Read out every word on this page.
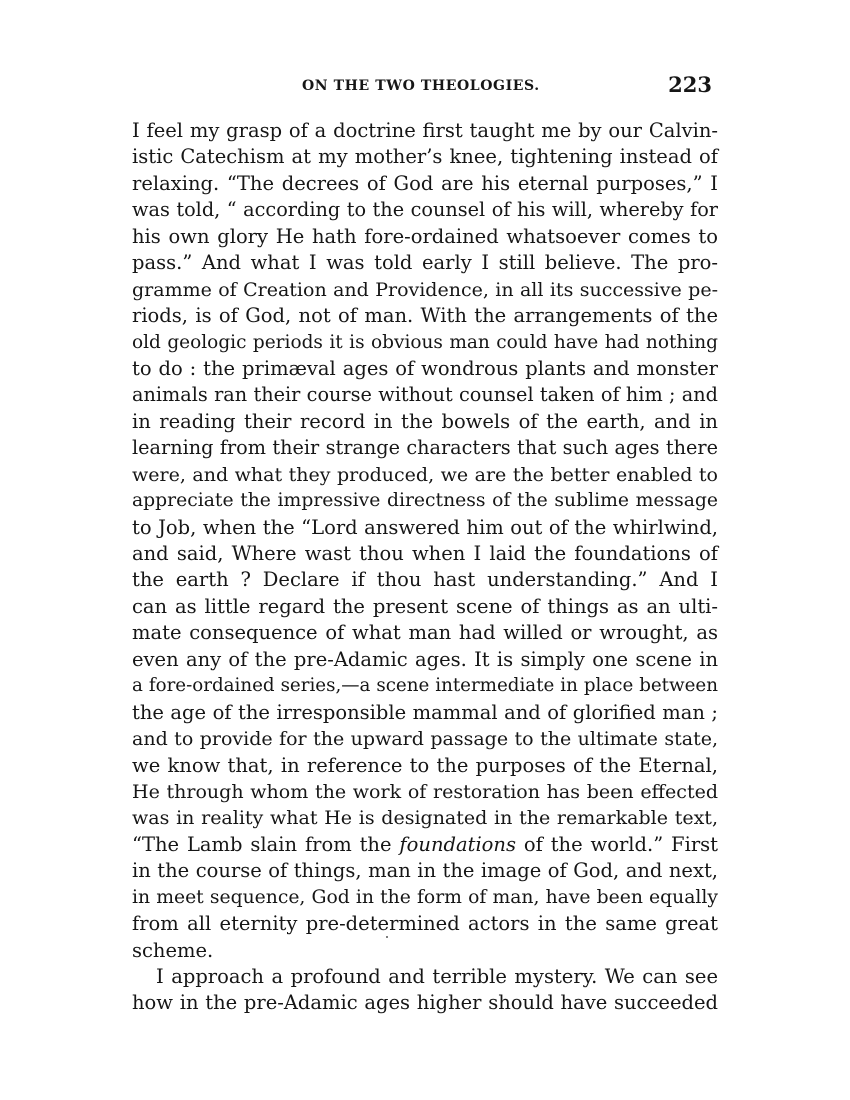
ON THE TWO THEOLOGIES.	223
I feel my grasp of a doctrine first taught me by our Calvin-
istic Catechism at my mother’s knee, tightening instead of
relaxing. “The decrees of God are his eternal purposes,” I
was told, “ according to the counsel of his will, whereby for
his own glory He hath fore-ordained whatsoever comes to
pass.” And what I was told early I still believe. The pro-
gramme of Creation and Providence, in all its successive pe-
riods, is of God, not of man. With the arrangements of the
old geologic periods it is obvious man could have had nothing
to do : the primæval ages of wondrous plants and monster
animals ran their course without counsel taken of him ; and
in reading their record in the bowels of the earth, and in
learning from their strange characters that such ages there
were, and what they produced, we are the better enabled to
appreciate the impressive directness of the sublime message
to Job, when the “Lord answered him out of the whirlwind,
and said, Where wast thou when I laid the foundations of
the earth ? Declare if thou hast understanding.” And I
can as little regard the present scene of things as an ulti-
mate consequence of what man had willed or wrought, as
even any of the pre-Adamic ages. It is simply one scene in
a fore-ordained series,—a scene intermediate in place between
the age of the irresponsible mammal and of glorified man ;
and to provide for the upward passage to the ultimate state,
we know that, in reference to the purposes of the Eternal,
He through whom the work of restoration has been effected
was in reality what He is designated in the remarkable text,
“The Lamb slain from the foundations of the world.” First
in the course of things, man in the image of God, and next,
in meet sequence, God in the form of man, have been equally
from all eternity pre-determined actors in the same great
scheme.
I approach a profound and terrible mystery. We can see
how in the pre-Adamic ages higher should have succeeded
